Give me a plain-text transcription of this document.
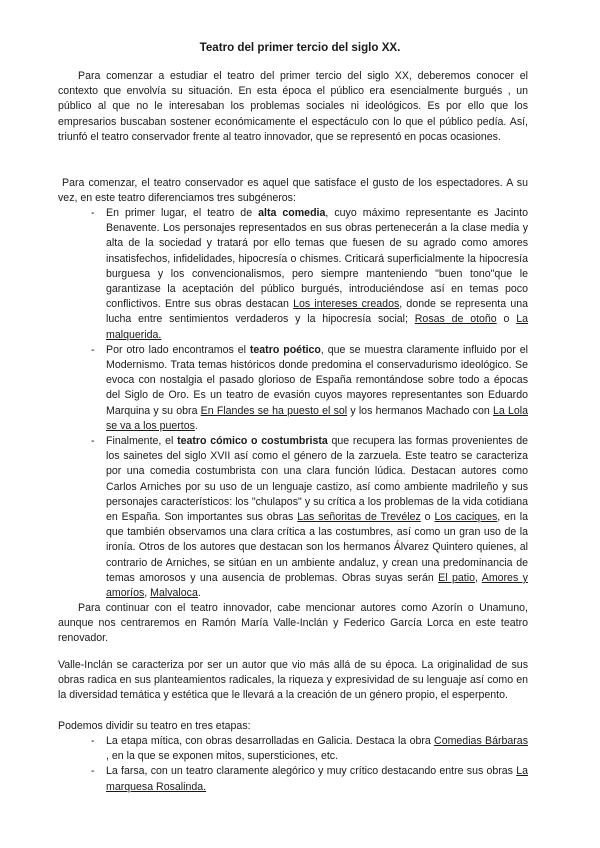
Teatro del primer tercio del siglo XX.

Para comenzar a estudiar el teatro del primer tercio del siglo XX, deberemos conocer el contexto que envolvía su situación. En esta época el público era esencialmente burgués , un público al que no le interesaban los problemas sociales ni ideológicos. Es por ello que los empresarios buscaban sostener económicamente el espectáculo con lo que el público pedía. Así, triunfó el teatro conservador frente al teatro innovador, que se representó en pocas ocasiones.

Para comenzar, el teatro conservador es aquel que satisface el gusto de los espectadores. A su vez, en este teatro diferenciamos tres subgéneros:

- En primer lugar, el teatro de alta comedia, cuyo máximo representante es Jacinto Benavente. Los personajes representados en sus obras pertenecerán a la clase media y alta de la sociedad y tratará por ello temas que fuesen de su agrado como amores insatisfechos, infidelidades, hipocresía o chismes. Criticará superficialmente la hipocresía burguesa y los convencionalismos, pero siempre manteniendo "buen tono"que le garantizase la aceptación del público burgués, introduciéndose así en temas poco conflictivos. Entre sus obras destacan Los intereses creados, donde se representa una lucha entre sentimientos verdaderos y la hipocresía social; Rosas de otoño o La malquerida.
- Por otro lado encontramos el teatro poético, que se muestra claramente influido por el Modernismo. Trata temas históricos donde predomina el conservadurismo ideológico. Se evoca con nostalgia el pasado glorioso de España remontándose sobre todo a épocas del Siglo de Oro. Es un teatro de evasión cuyos mayores representantes son Eduardo Marquina y su obra En Flandes se ha puesto el sol y los hermanos Machado con La Lola se va a los puertos.
- Finalmente, el teatro cómico o costumbrista que recupera las formas provenientes de los sainetes del siglo XVII así como el género de la zarzuela. Este teatro se caracteriza por una comedia costumbrista con una clara función lúdica. Destacan autores como Carlos Arniches por su uso de un lenguaje castizo, así como ambiente madrileño y sus personajes característicos: los "chulapos" y su crítica a los problemas de la vida cotidiana en España. Son importantes sus obras Las señoritas de Trevélez o Los caciques, en la que también observamos una clara crítica a las costumbres, así como un gran uso de la ironía. Otros de los autores que destacan son los hermanos Álvarez Quintero quienes, al contrario de Arniches, se sitúan en un ambiente andaluz, y crean una predominancia de temas amorosos y una ausencia de problemas. Obras suyas serán El patio, Amores y amoríos, Malvaloca.

Para continuar con el teatro innovador, cabe mencionar autores como Azorín o Unamuno, aunque nos centraremos en Ramón María Valle-Inclán y Federico García Lorca en este teatro renovador.

Valle-Inclán se caracteriza por ser un autor que vio más allá de su época. La originalidad de sus obras radica en sus planteamientos radicales, la riqueza y expresividad de su lenguaje así como en la diversidad temática y estética que le llevará a la creación de un género propio, el esperpento.

Podemos dividir su teatro en tres etapas:

- La etapa mítica, con obras desarrolladas en Galicia. Destaca la obra Comedias Bárbaras , en la que se exponen mitos, supersticiones, etc.
- La farsa, con un teatro claramente alegórico y muy crítico destacando entre sus obras La marquesa Rosalinda.
